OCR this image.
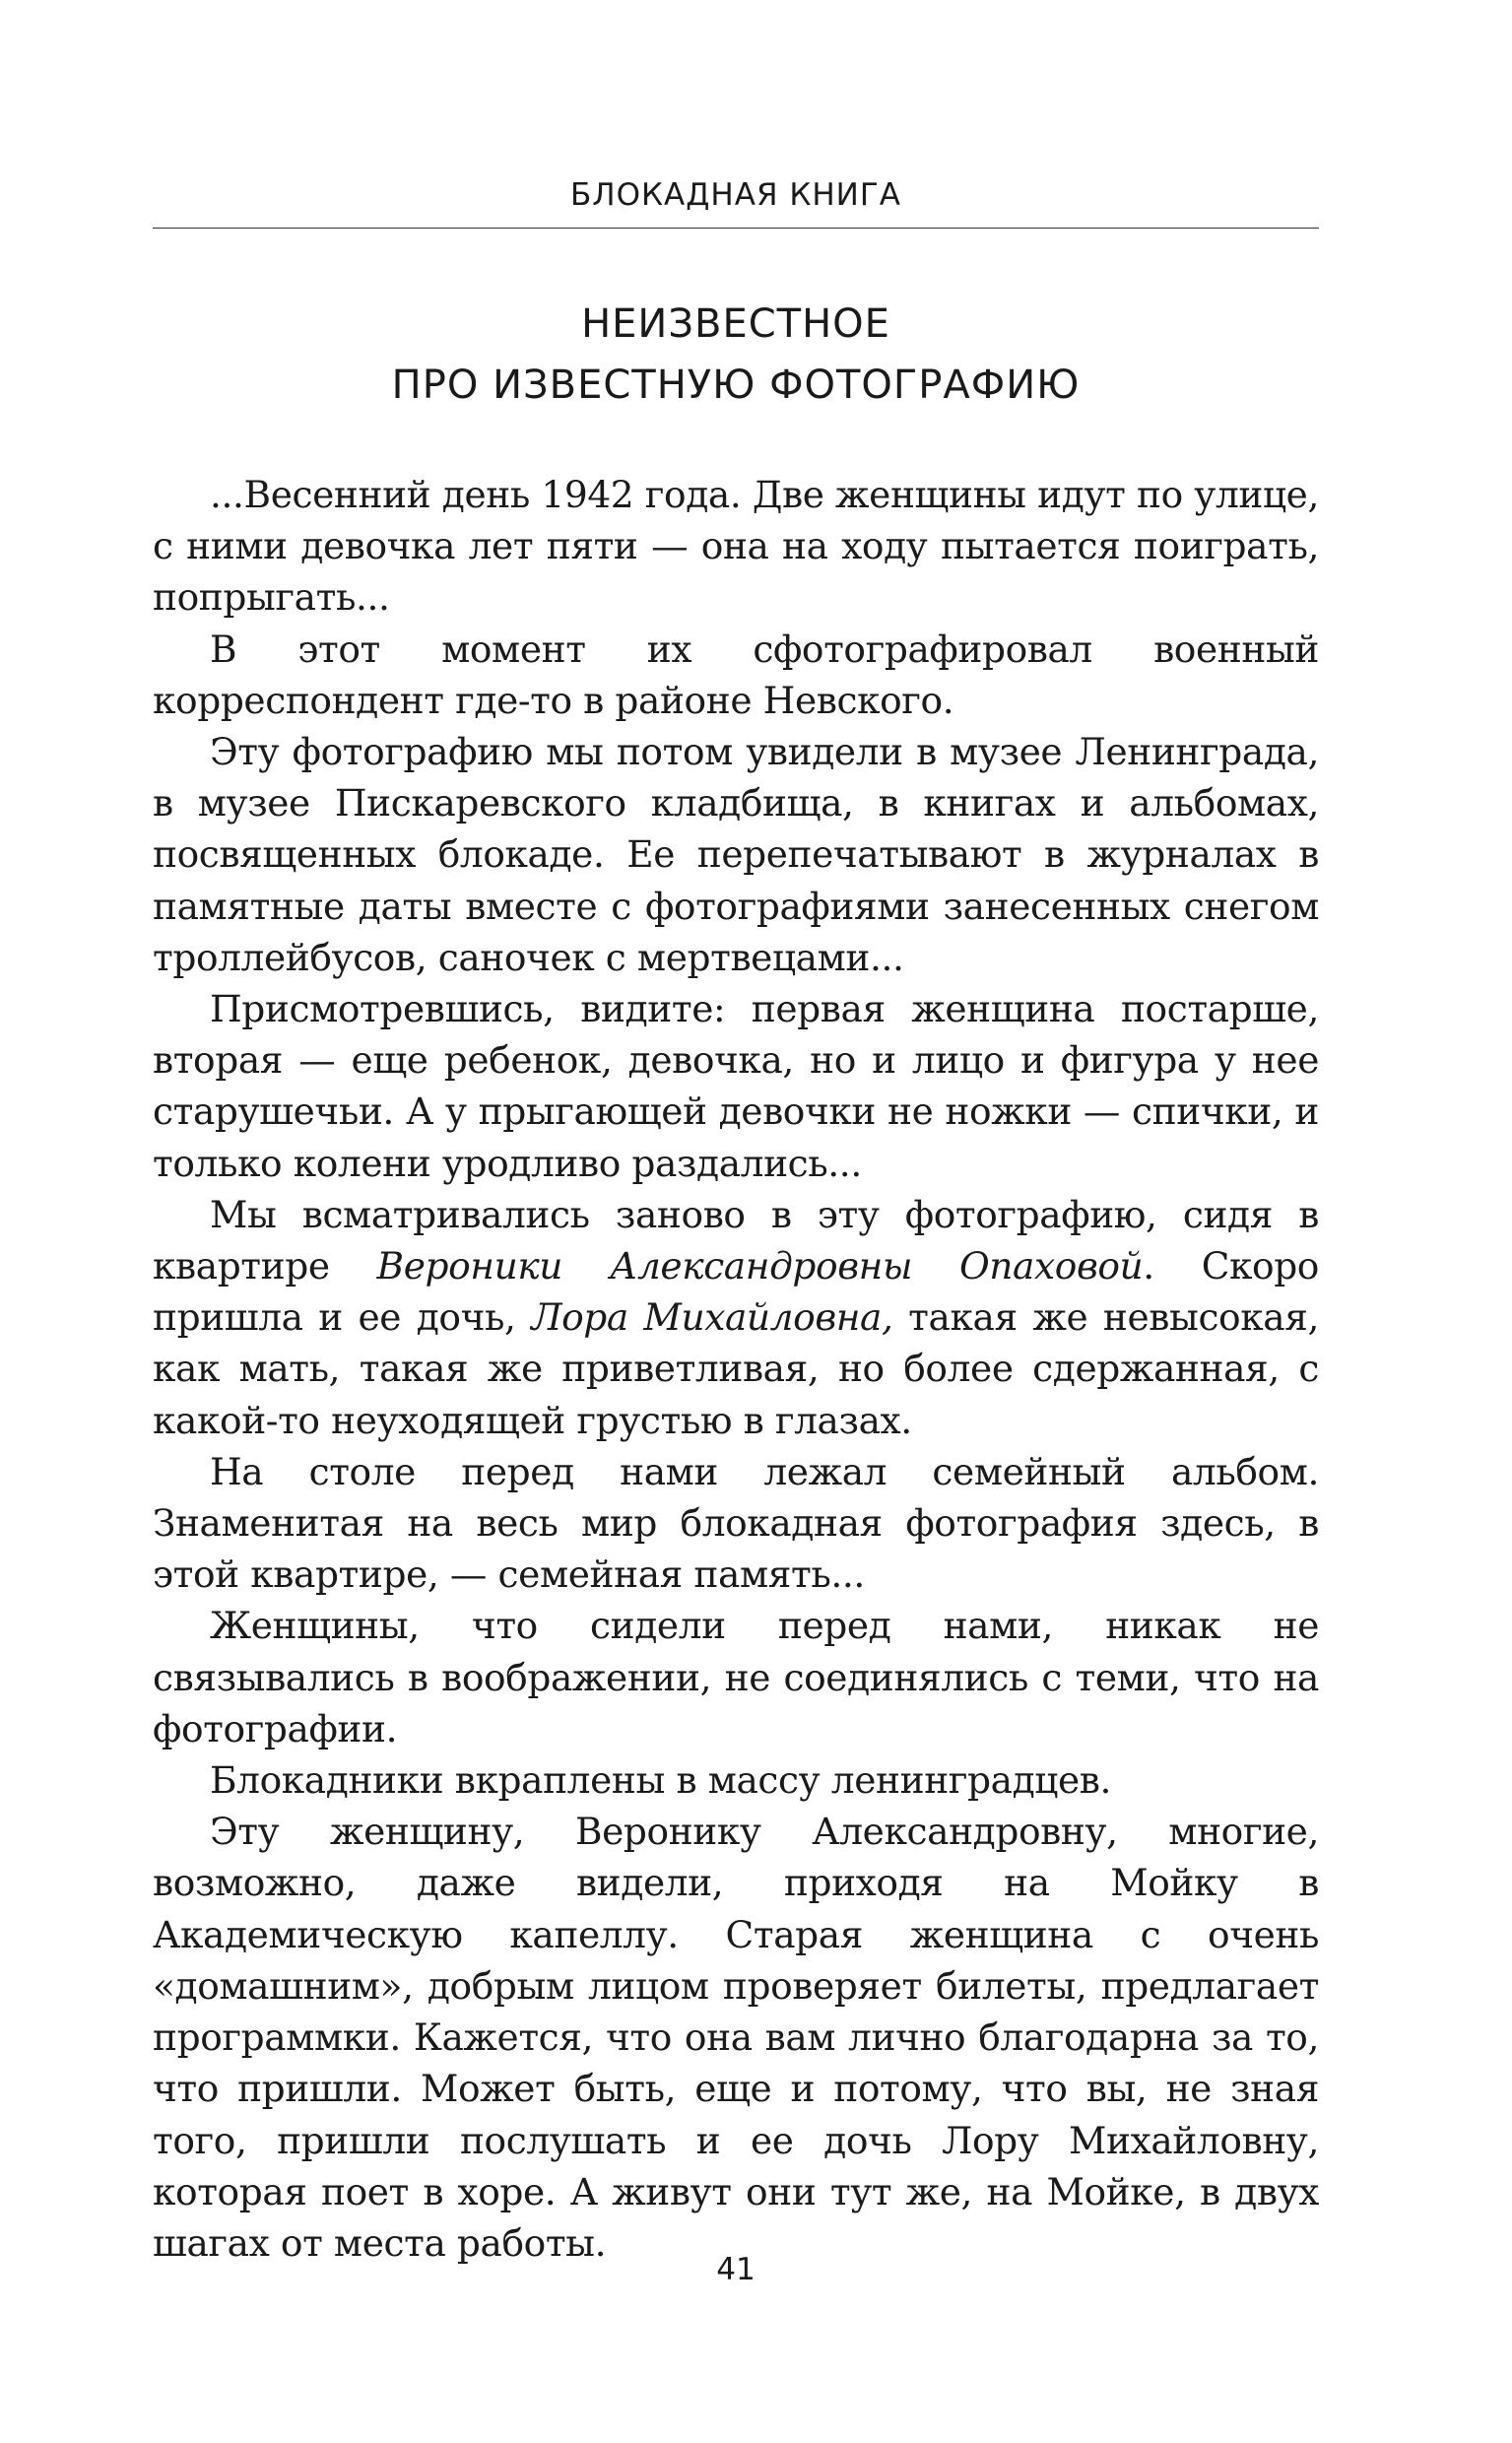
БЛОКАДНАЯ КНИГА
НЕИЗВЕСТНОЕ
ПРО ИЗВЕСТНУЮ ФОТОГРАФИЮ

...Весенний день 1942 года. Две женщины идут по улице, с ними девочка лет пяти — она на ходу пытается поиграть, попрыгать...

В этот момент их сфотографировал военный корреспондент где-то в районе Невского.

Эту фотографию мы потом увидели в музее Ленинграда, в музее Пискаревского кладбища, в книгах и альбомах, посвященных блокаде. Ее перепечатывают в журналах в памятные даты вместе с фотографиями занесенных снегом троллейбусов, саночек с мертвецами...

Присмотревшись, видите: первая женщина постарше, вторая — еще ребенок, девочка, но и лицо и фигура у нее старушечьи. А у прыгающей девочки не ножки — спички, и только колени уродливо раздались...

Мы всматривались заново в эту фотографию, сидя в квартире Вероники Александровны Опаховой. Скоро пришла и ее дочь, Лора Михайловна, такая же невысокая, как мать, такая же приветливая, но более сдержанная, с какой-то неуходящей грустью в глазах.

На столе перед нами лежал семейный альбом. Знаменитая на весь мир блокадная фотография здесь, в этой квартире, — семейная память...

Женщины, что сидели перед нами, никак не связывались в воображении, не соединялись с теми, что на фотографии.

Блокадники вкраплены в массу ленинградцев.

Эту женщину, Веронику Александровну, многие, возможно, даже видели, приходя на Мойку в Академическую капеллу. Старая женщина с очень «домашним», добрым лицом проверяет билеты, предлагает программки. Кажется, что она вам лично благодарна за то, что пришли. Может быть, еще и потому, что вы, не зная того, пришли послушать и ее дочь Лору Михайловну, которая поет в хоре. А живут они тут же, на Мойке, в двух шагах от места работы.

41
